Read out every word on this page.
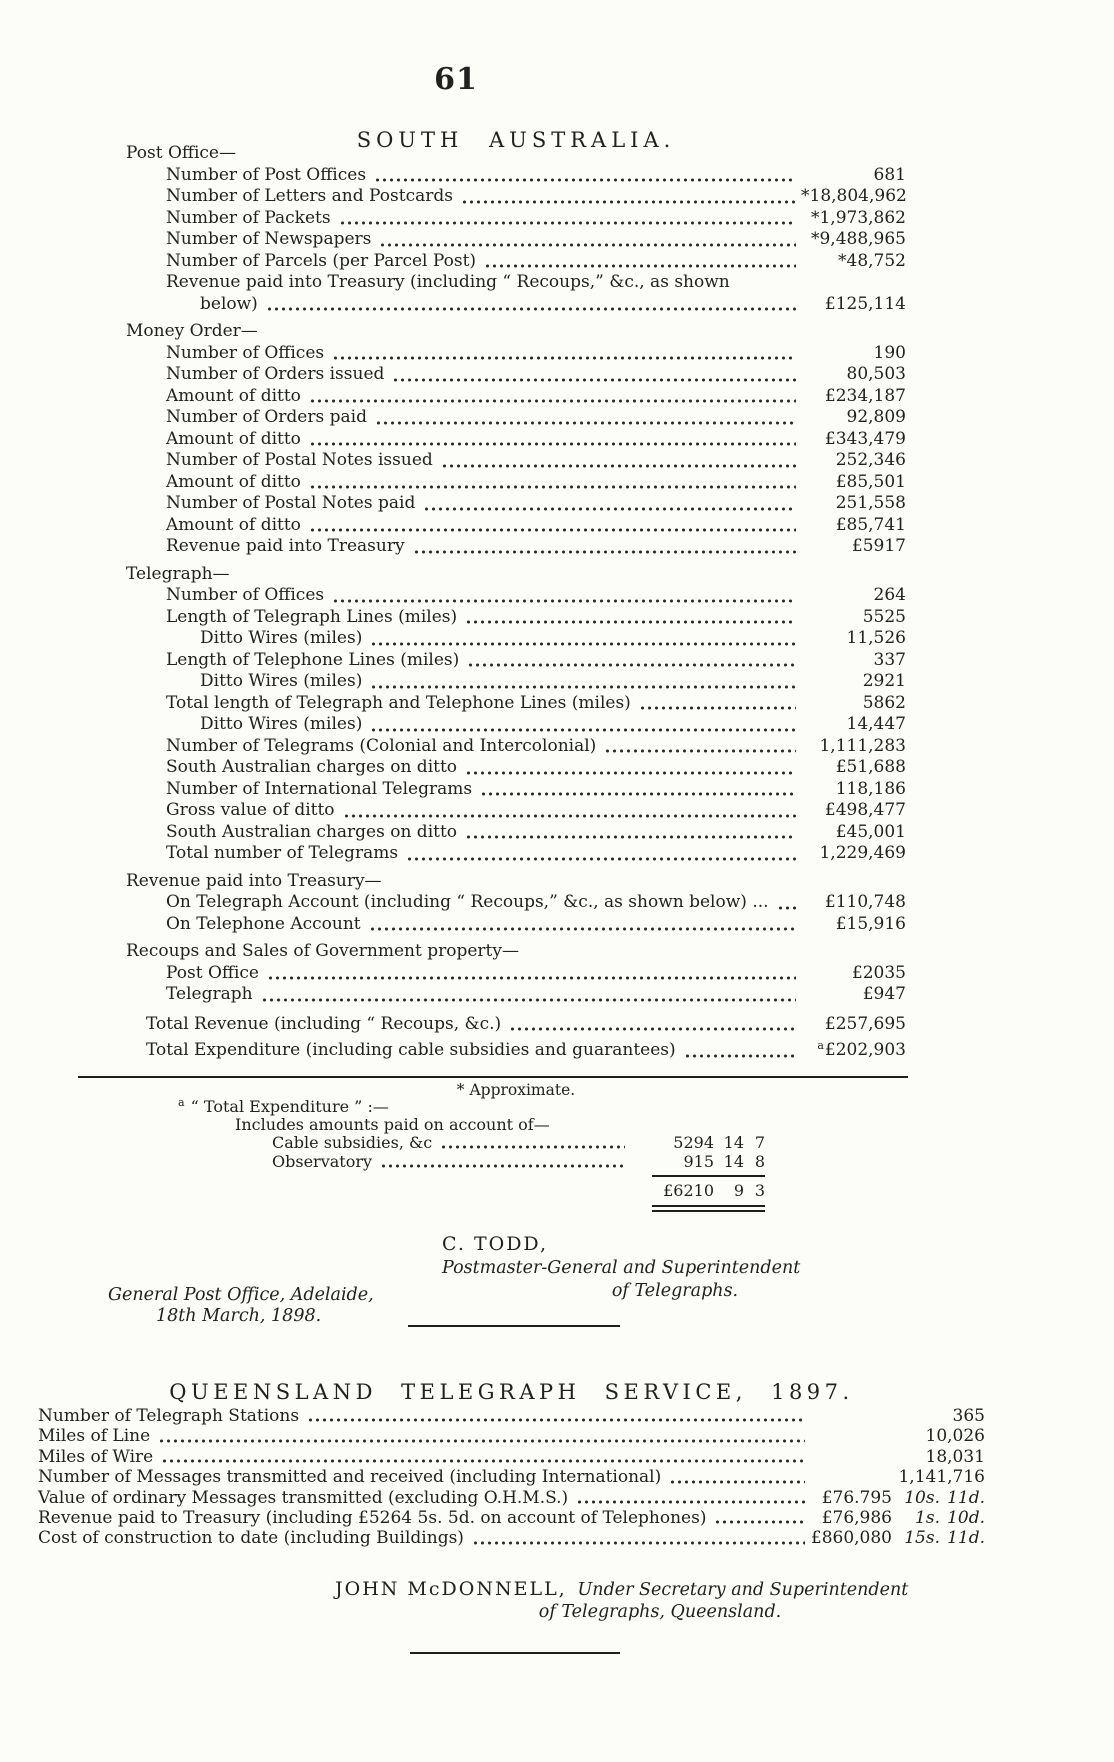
61
SOUTH AUSTRALIA.
Post Office—
Number of Post Offices	681
Number of Letters and Postcards	*18,804,962
Number of Packets	*1,973,862
Number of Newspapers	*9,488,965
Number of Parcels (per Parcel Post)	*48,752
Revenue paid into Treasury (including “ Recoups,” &c., as shown
below)	£125,114
Money Order—
Number of Offices	190
Number of Orders issued	80,503
Amount of ditto	£234,187
Number of Orders paid	92,809
Amount of ditto	£343,479
Number of Postal Notes issued	252,346
Amount of ditto	£85,501
Number of Postal Notes paid	251,558
Amount of ditto	£85,741
Revenue paid into Treasury	£5917
Telegraph—
Number of Offices	264
Length of Telegraph Lines (miles)	5525
Ditto Wires (miles)	11,526
Length of Telephone Lines (miles)	337
Ditto Wires (miles)	2921
Total length of Telegraph and Telephone Lines (miles)	5862
Ditto Wires (miles)	14,447
Number of Telegrams (Colonial and Intercolonial)	1,111,283
South Australian charges on ditto	£51,688
Number of International Telegrams	118,186
Gross value of ditto	£498,477
South Australian charges on ditto	£45,001
Total number of Telegrams	1,229,469
Revenue paid into Treasury—
On Telegraph Account (including “ Recoups,” &c., as shown below) ...	£110,748
On Telephone Account	£15,916
Recoups and Sales of Government property—
Post Office	£2035
Telegraph	£947
Total Revenue (including “ Recoups, &c.)	£257,695
Total Expenditure (including cable subsidies and guarantees)	$^a$£202,903
* Approximate.
$^a$ “ Total Expenditure ” :—
Includes amounts paid on account of—
Cable subsidies, &c	5294 14 7
Observatory	915 14 8
£6210	9 3
C. TODD,  Postmaster-General and Superintendent
of Telegraphs.
General Post Office, Adelaide,
18th March, 1898.
QUEENSLAND TELEGRAPH SERVICE, 1897.
Number of Telegraph Stations	365
Miles of Line	10,026
Miles of Wire	18,031
Number of Messages transmitted and received (including International)	1,141,716
Value of ordinary Messages transmitted (excluding O.H.M.S.)	£76.795 10s. 11d.
Revenue paid to Treasury (including £5264 5s. 5d. on account of Telephones)	£76,986	1s. 10d.
Cost of construction to date (including Buildings)	£860,080 15s. 11d.
JOHN McDONNELL, Under Secretary and Superintendent
of Telegraphs, Queensland.
